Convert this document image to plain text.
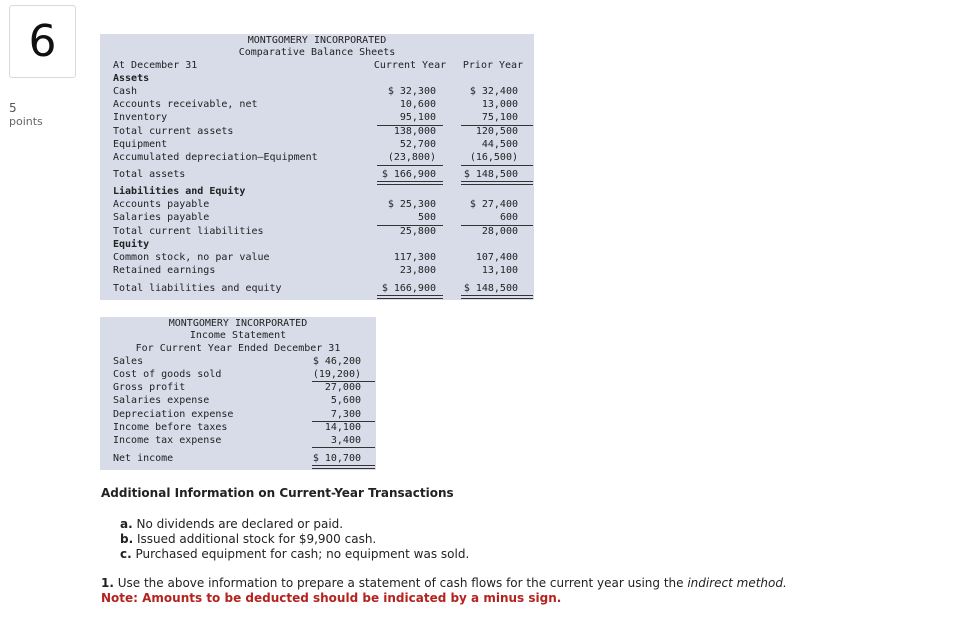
6
5
points
MONTGOMERY INCORPORATED
Comparative Balance Sheets
At December 31	Current Year	Prior Year
Assets
Cash	$ 32,300	$ 32,400
Accounts receivable, net	10,600	13,000
Inventory	95,100	75,100
Total current assets	138,000	120,500
Equipment	52,700	44,500
Accumulated depreciation—Equipment	(23,800)	(16,500)
Total assets	$ 166,900	$ 148,500
Liabilities and Equity
Accounts payable	$ 25,300	$ 27,400
Salaries payable	500	600
Total current liabilities	25,800	28,000
Equity
Common stock, no par value	117,300	107,400
Retained earnings	23,800	13,100
Total liabilities and equity	$ 166,900	$ 148,500
MONTGOMERY INCORPORATED
Income Statement
For Current Year Ended December 31
Sales	$ 46,200
Cost of goods sold	(19,200)
Gross profit	27,000
Salaries expense	5,600
Depreciation expense	7,300
Income before taxes	14,100
Income tax expense	3,400
Net income	$ 10,700
Additional Information on Current-Year Transactions
a. No dividends are declared or paid.
b. Issued additional stock for $9,900 cash.
c. Purchased equipment for cash; no equipment was sold.
1. Use the above information to prepare a statement of cash flows for the current year using the indirect method.
Note: Amounts to be deducted should be indicated by a minus sign.
